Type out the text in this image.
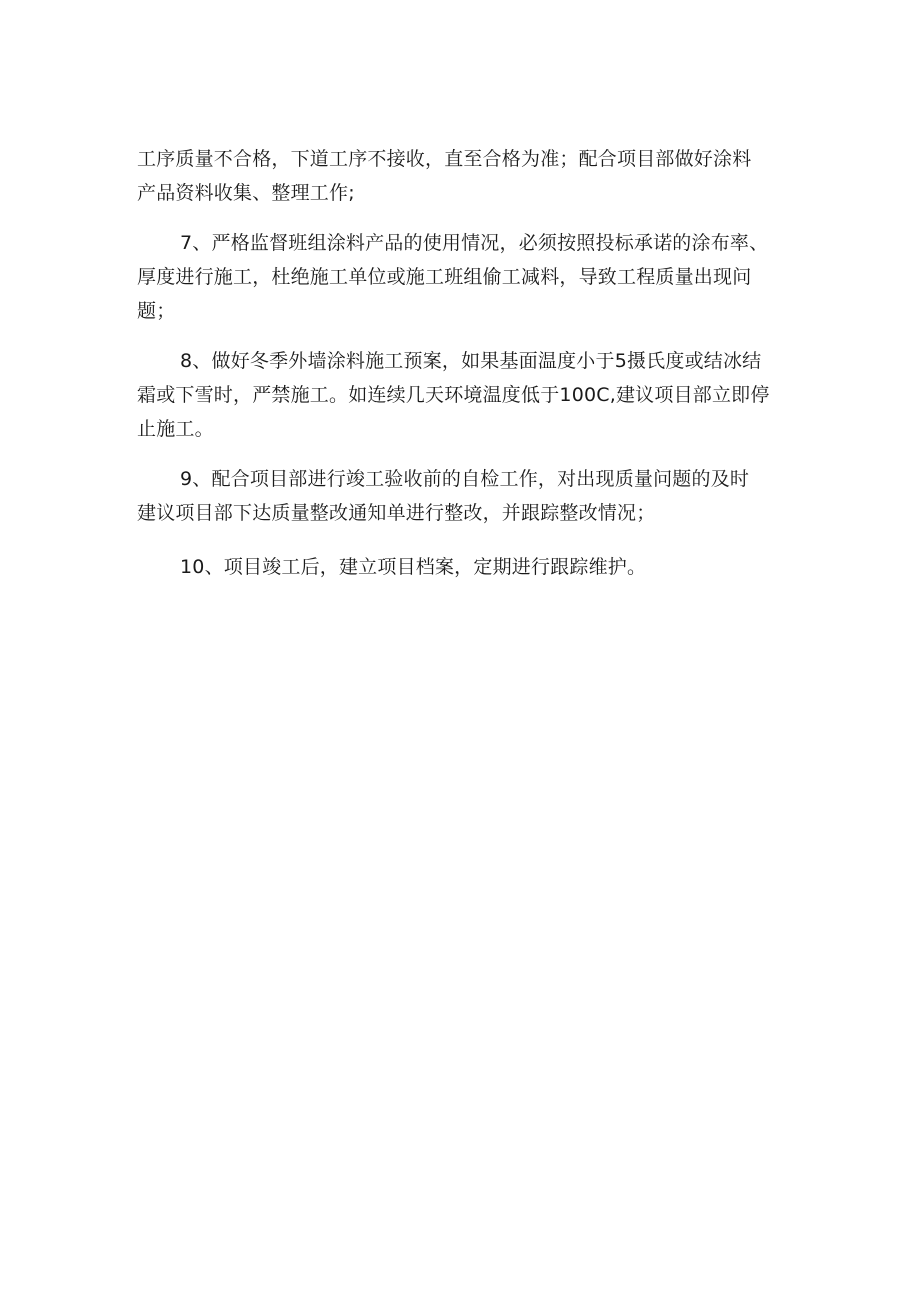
工序质量不合格，下道工序不接收，直至合格为准；配合项目部做好涂料
产品资料收集、整理工作;
7、严格监督班组涂料产品的使用情况，必须按照投标承诺的涂布率、
厚度进行施工，杜绝施工单位或施工班组偷工减料，导致工程质量出现问
题；
8、做好冬季外墙涂料施工预案，如果基面温度小于5摄氏度或结冰结
霜或下雪时，严禁施工。如连续几天环境温度低于100C,建议项目部立即停
止施工。
9、配合项目部进行竣工验收前的自检工作，对出现质量问题的及时
建议项目部下达质量整改通知单进行整改，并跟踪整改情况；
10、项目竣工后，建立项目档案，定期进行跟踪维护。
